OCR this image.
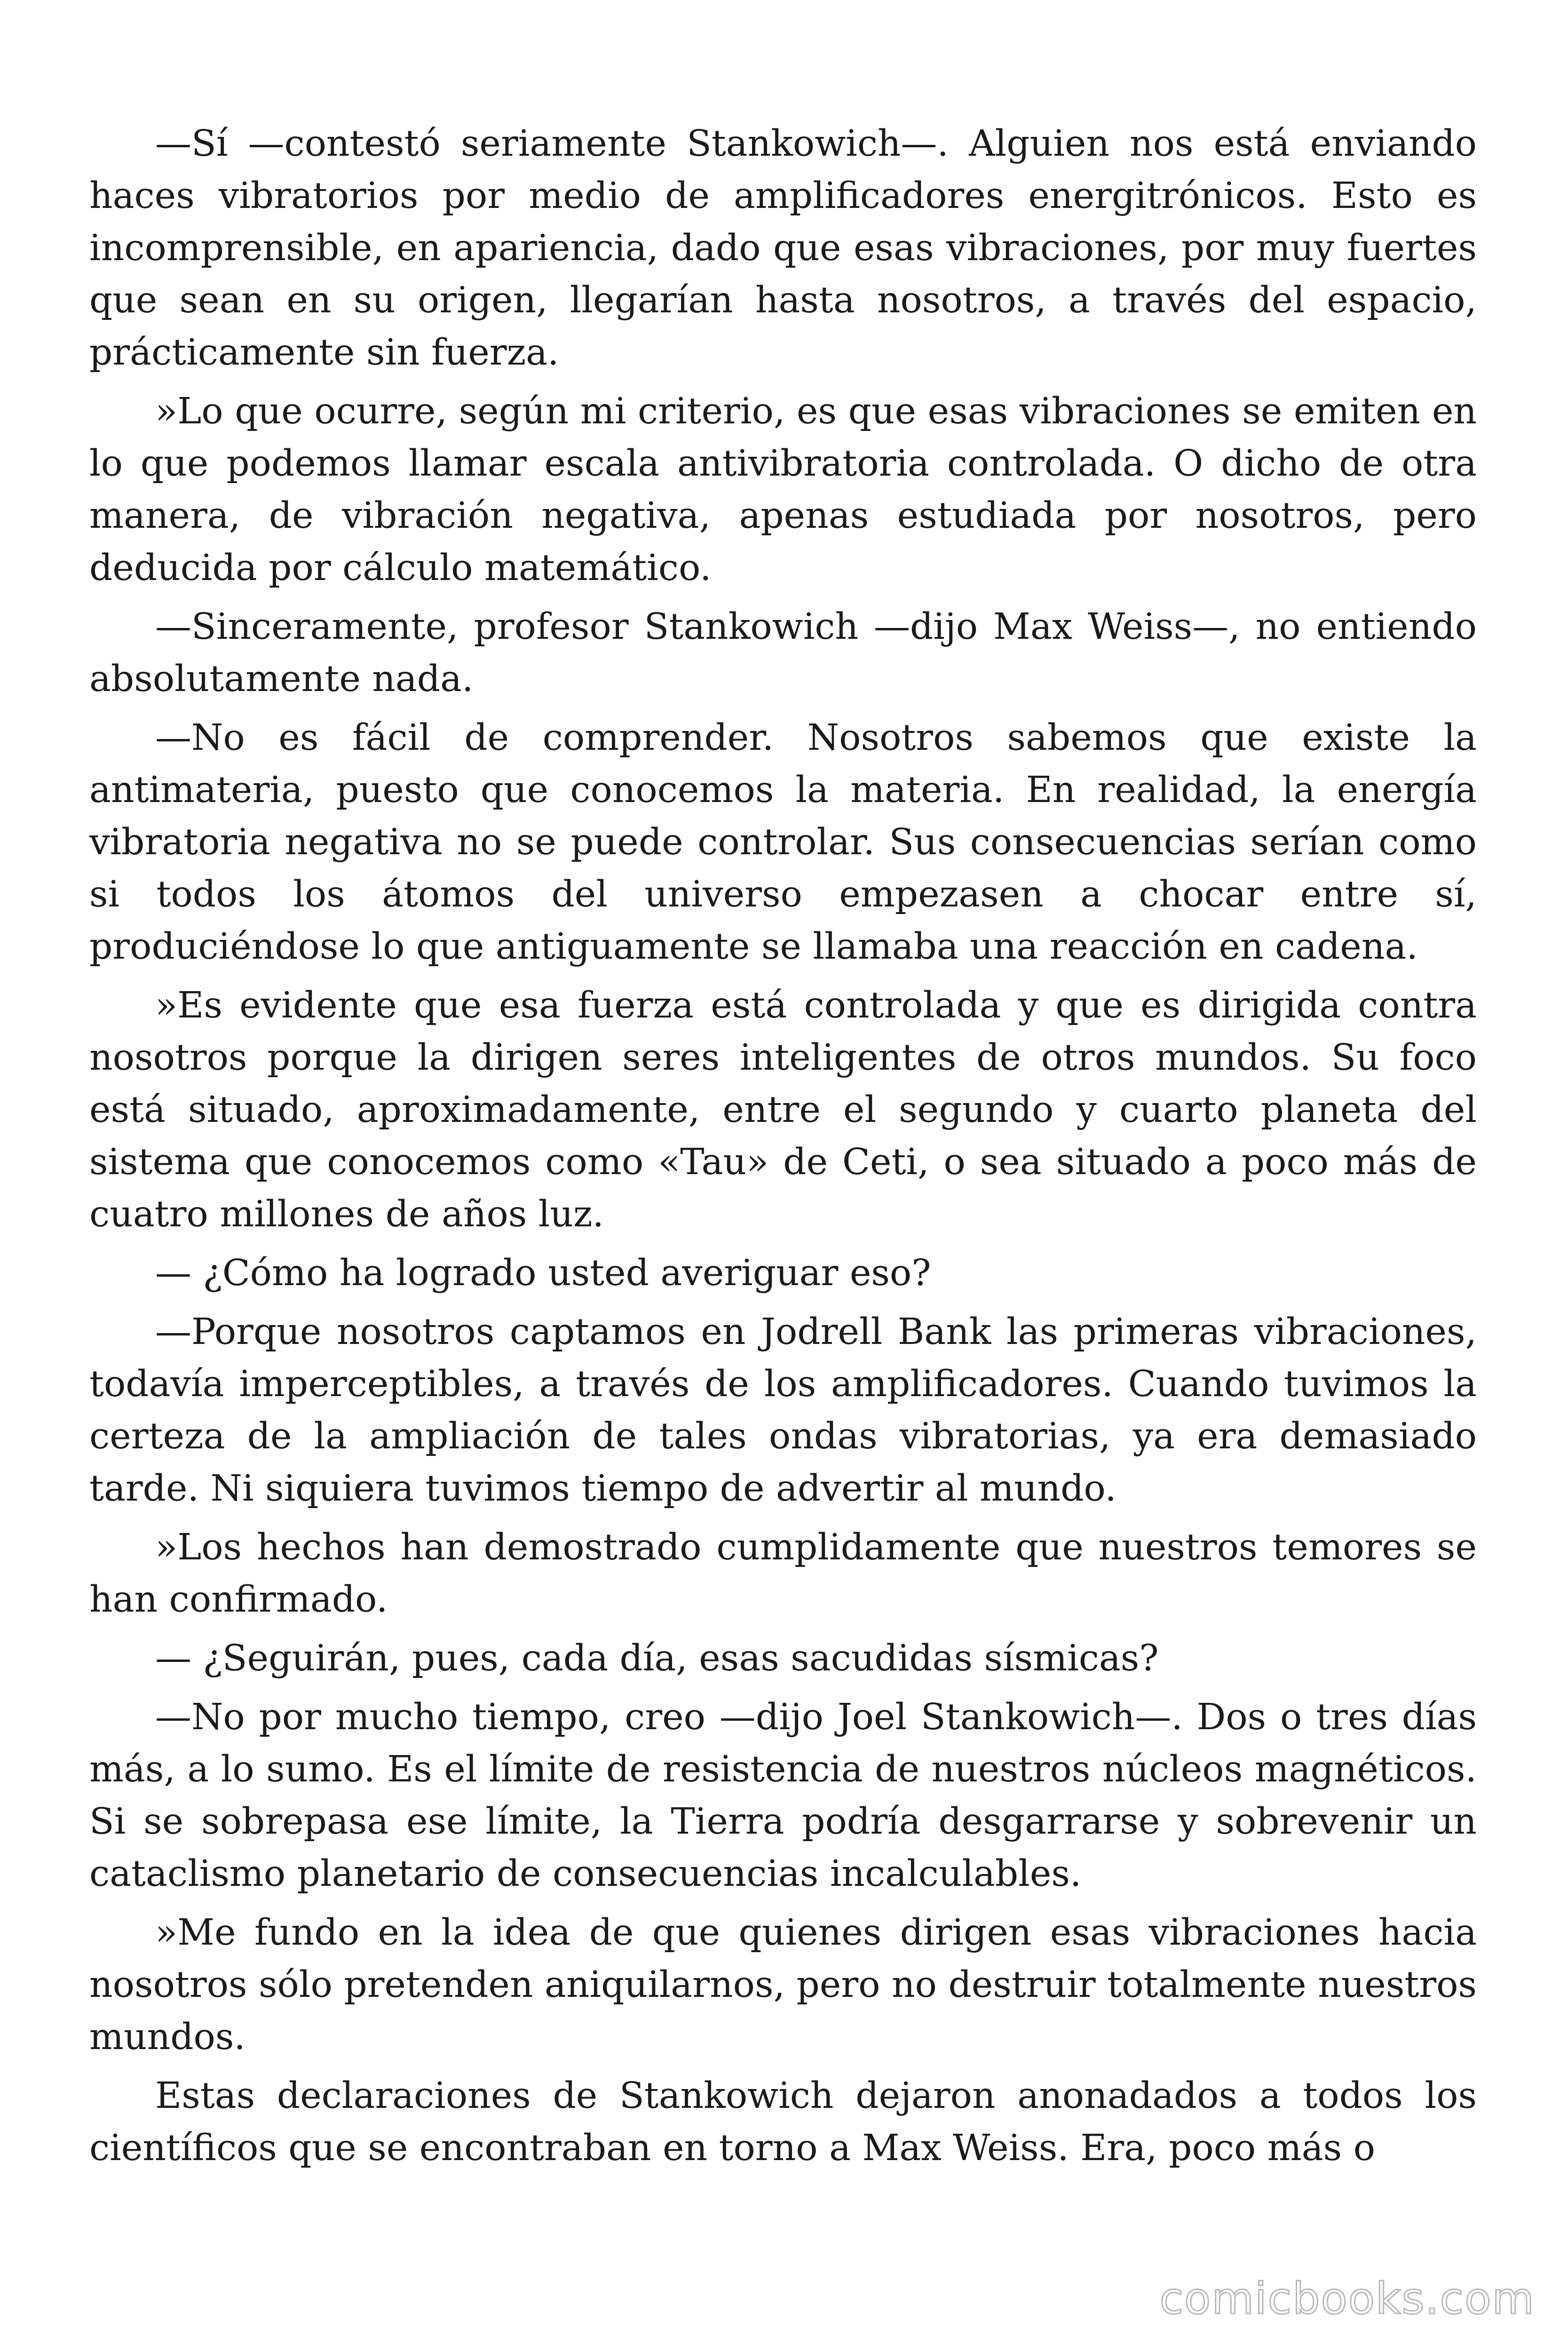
—Sí —contestó seriamente Stankowich—. Alguien nos está enviando haces vibratorios por medio de amplificadores energitrónicos. Esto es incomprensible, en apariencia, dado que esas vibraciones, por muy fuertes que sean en su origen, llegarían hasta nosotros, a través del espacio, prácticamente sin fuerza.

»Lo que ocurre, según mi criterio, es que esas vibraciones se emiten en lo que podemos llamar escala antivibratoria controlada. O dicho de otra manera, de vibración negativa, apenas estudiada por nosotros, pero deducida por cálculo matemático.

—Sinceramente, profesor Stankowich —dijo Max Weiss—, no entiendo absolutamente nada.

—No es fácil de comprender. Nosotros sabemos que existe la antimateria, puesto que conocemos la materia. En realidad, la energía vibratoria negativa no se puede controlar. Sus consecuencias serían como si todos los átomos del universo empezasen a chocar entre sí, produciéndose lo que antiguamente se llamaba una reacción en cadena.

»Es evidente que esa fuerza está controlada y que es dirigida contra nosotros porque la dirigen seres inteligentes de otros mundos. Su foco está situado, aproximadamente, entre el segundo y cuarto planeta del sistema que conocemos como «Tau» de Ceti, o sea situado a poco más de cuatro millones de años luz.

— ¿Cómo ha logrado usted averiguar eso?

—Porque nosotros captamos en Jodrell Bank las primeras vibraciones, todavía imperceptibles, a través de los amplificadores. Cuando tuvimos la certeza de la ampliación de tales ondas vibratorias, ya era demasiado tarde. Ni siquiera tuvimos tiempo de advertir al mundo.

»Los hechos han demostrado cumplidamente que nuestros temores se han confirmado.

— ¿Seguirán, pues, cada día, esas sacudidas sísmicas?

—No por mucho tiempo, creo —dijo Joel Stankowich—. Dos o tres días más, a lo sumo. Es el límite de resistencia de nuestros núcleos magnéticos. Si se sobrepasa ese límite, la Tierra podría desgarrarse y sobrevenir un cataclismo planetario de consecuencias incalculables.

»Me fundo en la idea de que quienes dirigen esas vibraciones hacia nosotros sólo pretenden aniquilarnos, pero no destruir totalmente nuestros mundos.

Estas declaraciones de Stankowich dejaron anonadados a todos los científicos que se encontraban en torno a Max Weiss. Era, poco más o

comicbooks.com
